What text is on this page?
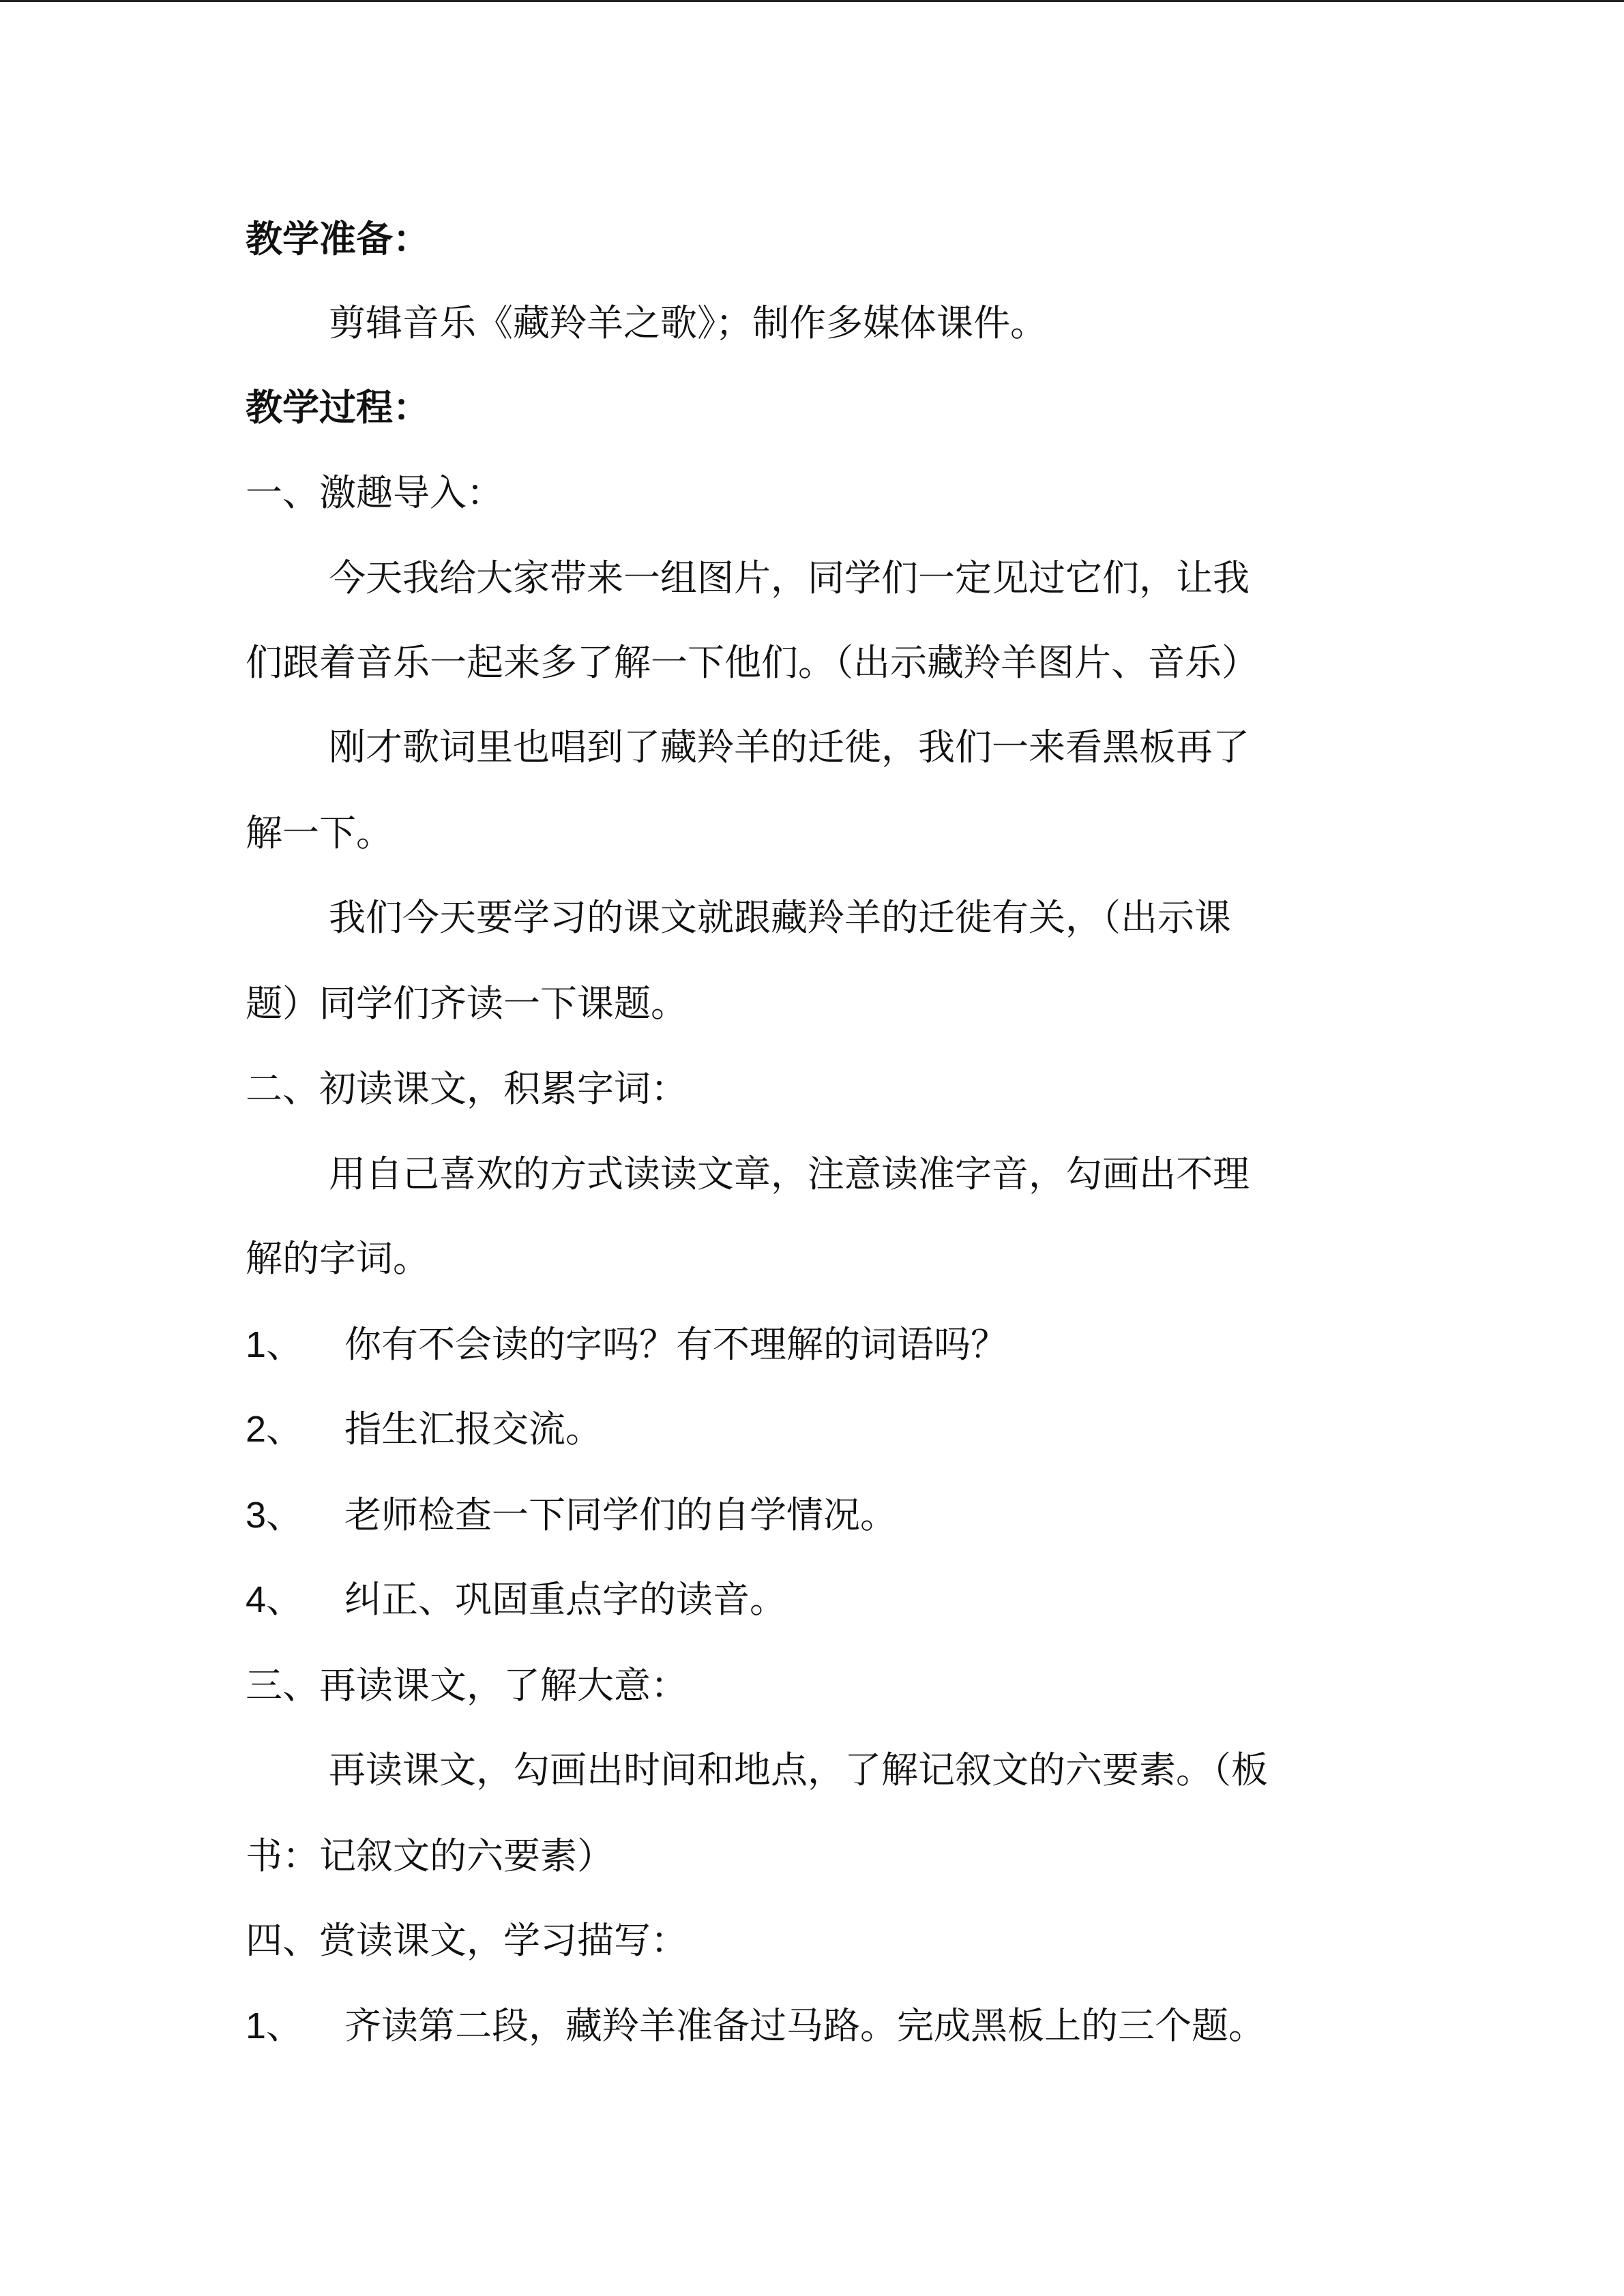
教学准备：
剪辑音乐《藏羚羊之歌》；制作多媒体课件。
教学过程：
一、激趣导入：
今天我给大家带来一组图片，同学们一定见过它们，让我
们跟着音乐一起来多了解一下他们。（出示藏羚羊图片、音乐）
刚才歌词里也唱到了藏羚羊的迁徙，我们一来看黑板再了
解一下。
我们今天要学习的课文就跟藏羚羊的迁徙有关，（出示课
题）同学们齐读一下课题。
二、初读课文，积累字词：
用自己喜欢的方式读读文章，注意读准字音，勾画出不理
解的字词。
1、 你有不会读的字吗？有不理解的词语吗？
2、 指生汇报交流。
3、 老师检查一下同学们的自学情况。
4、 纠正、巩固重点字的读音。
三、再读课文，了解大意：
再读课文，勾画出时间和地点，了解记叙文的六要素。（板
书：记叙文的六要素）
四、赏读课文，学习描写：
1、 齐读第二段，藏羚羊准备过马路。完成黑板上的三个题。
